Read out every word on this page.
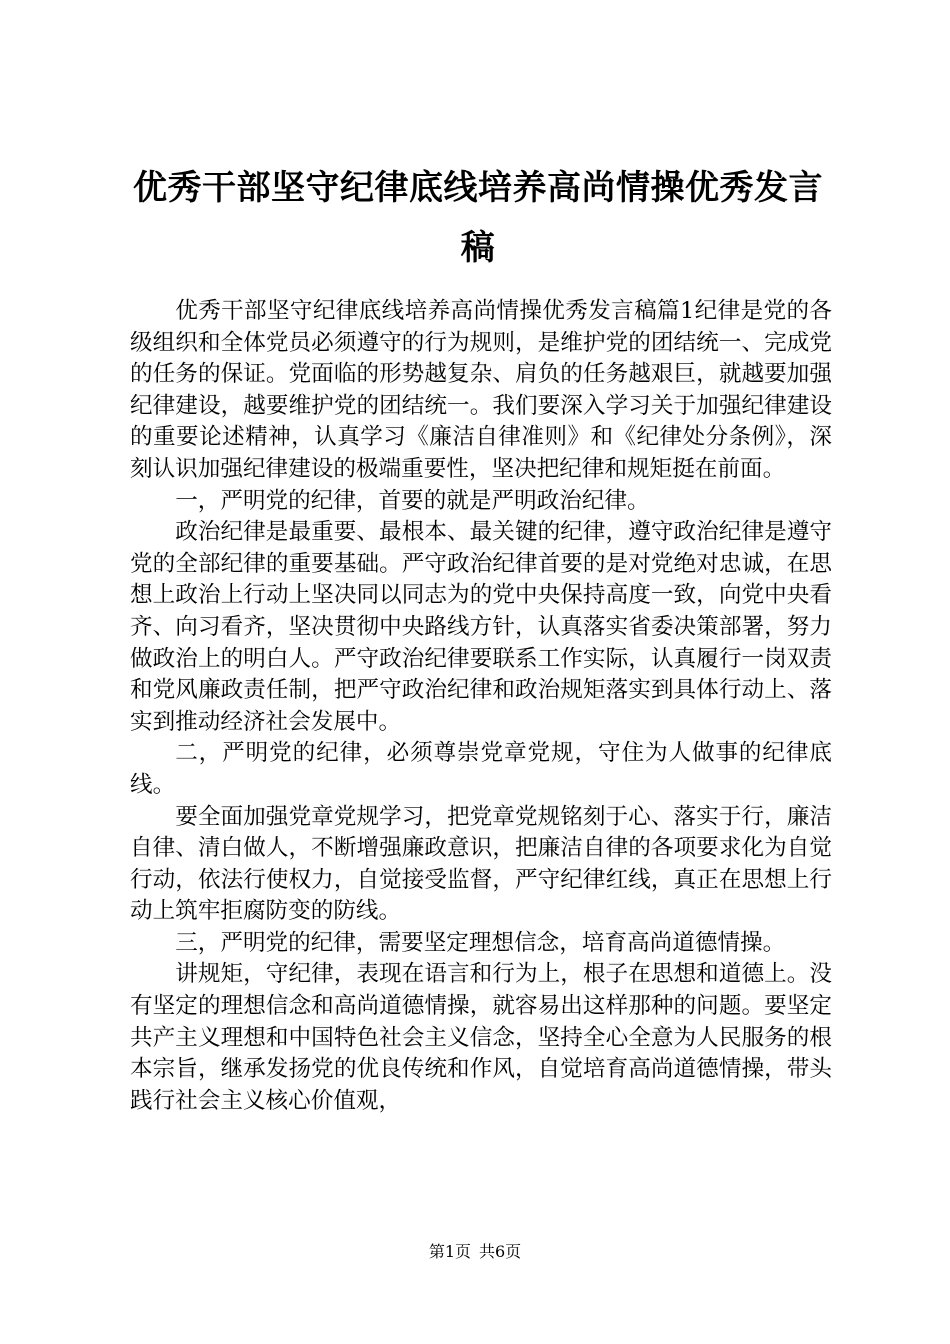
优秀干部坚守纪律底线培养高尚情操优秀发言稿

优秀干部坚守纪律底线培养高尚情操优秀发言稿篇1纪律是党的各级组织和全体党员必须遵守的行为规则，是维护党的团结统一、完成党的任务的保证。党面临的形势越复杂、肩负的任务越艰巨，就越要加强纪律建设，越要维护党的团结统一。我们要深入学习关于加强纪律建设的重要论述精神，认真学习《廉洁自律准则》和《纪律处分条例》，深刻认识加强纪律建设的极端重要性，坚决把纪律和规矩挺在前面。

一，严明党的纪律，首要的就是严明政治纪律。

政治纪律是最重要、最根本、最关键的纪律，遵守政治纪律是遵守党的全部纪律的重要基础。严守政治纪律首要的是对党绝对忠诚，在思想上政治上行动上坚决同以同志为的党中央保持高度一致，向党中央看齐、向习看齐，坚决贯彻中央路线方针，认真落实省委决策部署，努力做政治上的明白人。严守政治纪律要联系工作实际，认真履行一岗双责和党风廉政责任制，把严守政治纪律和政治规矩落实到具体行动上、落实到推动经济社会发展中。

二，严明党的纪律，必须尊崇党章党规，守住为人做事的纪律底线。

要全面加强党章党规学习，把党章党规铭刻于心、落实于行，廉洁自律、清白做人，不断增强廉政意识，把廉洁自律的各项要求化为自觉行动，依法行使权力，自觉接受监督，严守纪律红线，真正在思想上行动上筑牢拒腐防变的防线。

三，严明党的纪律，需要坚定理想信念，培育高尚道德情操。

讲规矩，守纪律，表现在语言和行为上，根子在思想和道德上。没有坚定的理想信念和高尚道德情操，就容易出这样那种的问题。要坚定共产主义理想和中国特色社会主义信念，坚持全心全意为人民服务的根本宗旨，继承发扬党的优良传统和作风，自觉培育高尚道德情操，带头践行社会主义核心价值观，

第1页 共6页
